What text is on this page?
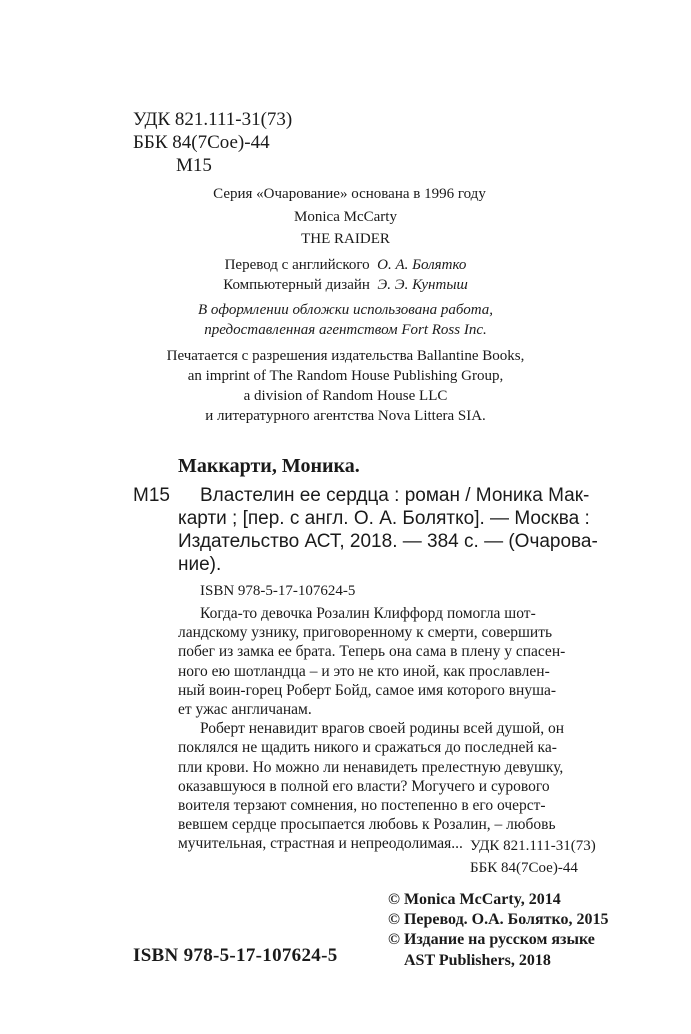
УДК 821.111-31(73)
ББК 84(7Сое)-44
М15
Серия «Очарование» основана в 1996 году
Monica McCarty
THE RAIDER
Перевод с английского О. А. Болятко
Компьютерный дизайн Э. Э. Кунтыш
В оформлении обложки использована работа,
предоставленная агентством Fort Ross Inc.
Печатается с разрешения издательства Ballantine Books,
an imprint of The Random House Publishing Group,
a division of Random House LLC
и литературного агентства Nova Littera SIA.
Маккарти, Моника.
М15 Властелин ее сердца : роман / Моника Мак-
карти ; [пер. с англ. О. А. Болятко]. — Москва :
Издательство АСТ, 2018. — 384 с. — (Очарова-
ние).
ISBN 978-5-17-107624-5
Когда-то девочка Розалин Клиффорд помогла шот-
ландскому узнику, приговоренному к смерти, совершить
побег из замка ее брата. Теперь она сама в плену у спасен-
ного ею шотландца – и это не кто иной, как прославлен-
ный воин-горец Роберт Бойд, самое имя которого внуша-
ет ужас англичанам.
Роберт ненавидит врагов своей родины всей душой, он
поклялся не щадить никого и сражаться до последней ка-
пли крови. Но можно ли ненавидеть прелестную девушку,
оказавшуюся в полной его власти? Могучего и сурового
воителя терзают сомнения, но постепенно в его очерст-
вевшем сердце просыпается любовь к Розалин, – любовь
мучительная, страстная и непреодолимая... УДК 821.111-31(73)
ББК 84(7Сое)-44
© Monica McCarty, 2014
© Перевод. О.А. Болятко, 2015
© Издание на русском языке
AST Publishers, 2018
ISBN 978-5-17-107624-5
